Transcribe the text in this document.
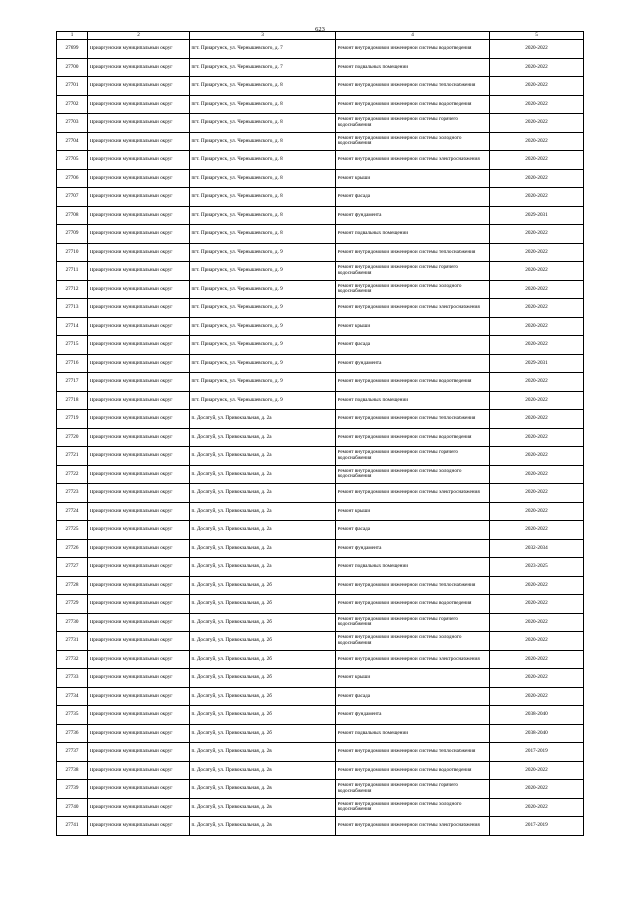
623
1	2	3	4	5
27699	Приаргунский муниципальный округ	пгт. Приаргунск, ул. Чернышевского, д. 7	Ремонт внутридомовой инженерной системы водоотведения	2020-2022
27700	Приаргунский муниципальный округ	пгт. Приаргунск, ул. Чернышевского, д. 7	Ремонт подвальных помещений	2020-2022
27701	Приаргунский муниципальный округ	пгт. Приаргунск, ул. Чернышевского, д. 8	Ремонт внутридомовой инженерной системы теплоснабжения	2020-2022
27702	Приаргунский муниципальный округ	пгт. Приаргунск, ул. Чернышевского, д. 8	Ремонт внутридомовой инженерной системы водоотведения	2020-2022
27703	Приаргунский муниципальный округ	пгт. Приаргунск, ул. Чернышевского, д. 8	Ремонт внутридомовой инженерной системы горячего водоснабжения	2020-2022
27704	Приаргунский муниципальный округ	пгт. Приаргунск, ул. Чернышевского, д. 8	Ремонт внутридомовой инженерной системы холодного водоснабжения	2020-2022
27705	Приаргунский муниципальный округ	пгт. Приаргунск, ул. Чернышевского, д. 8	Ремонт внутридомовой инженерной системы электроснабжения	2020-2022
27706	Приаргунский муниципальный округ	пгт. Приаргунск, ул. Чернышевского, д. 8	Ремонт крыши	2020-2022
27707	Приаргунский муниципальный округ	пгт. Приаргунск, ул. Чернышевского, д. 8	Ремонт фасада	2020-2022
27708	Приаргунский муниципальный округ	пгт. Приаргунск, ул. Чернышевского, д. 8	Ремонт фундамента	2029-2031
27709	Приаргунский муниципальный округ	пгт. Приаргунск, ул. Чернышевского, д. 8	Ремонт подвальных помещений	2020-2022
27710	Приаргунский муниципальный округ	пгт. Приаргунск, ул. Чернышевского, д. 9	Ремонт внутридомовой инженерной системы теплоснабжения	2020-2022
27711	Приаргунский муниципальный округ	пгт. Приаргунск, ул. Чернышевского, д. 9	Ремонт внутридомовой инженерной системы горячего водоснабжения	2020-2022
27712	Приаргунский муниципальный округ	пгт. Приаргунск, ул. Чернышевского, д. 9	Ремонт внутридомовой инженерной системы холодного водоснабжения	2020-2022
27713	Приаргунский муниципальный округ	пгт. Приаргунск, ул. Чернышевского, д. 9	Ремонт внутридомовой инженерной системы электроснабжения	2020-2022
27714	Приаргунский муниципальный округ	пгт. Приаргунск, ул. Чернышевского, д. 9	Ремонт крыши	2020-2022
27715	Приаргунский муниципальный округ	пгт. Приаргунск, ул. Чернышевского, д. 9	Ремонт фасада	2020-2022
27716	Приаргунский муниципальный округ	пгт. Приаргунск, ул. Чернышевского, д. 9	Ремонт фундамента	2029-2031
27717	Приаргунский муниципальный округ	пгт. Приаргунск, ул. Чернышевского, д. 9	Ремонт внутридомовой инженерной системы водоотведения	2020-2022
27718	Приаргунский муниципальный округ	пгт. Приаргунск, ул. Чернышевского, д. 9	Ремонт подвальных помещений	2020-2022
27719	Приаргунский муниципальный округ	п. Досатуй, ул. Привокзальная, д. 2а	Ремонт внутридомовой инженерной системы теплоснабжения	2020-2022
27720	Приаргунский муниципальный округ	п. Досатуй, ул. Привокзальная, д. 2а	Ремонт внутридомовой инженерной системы водоотведения	2020-2022
27721	Приаргунский муниципальный округ	п. Досатуй, ул. Привокзальная, д. 2а	Ремонт внутридомовой инженерной системы горячего водоснабжения	2020-2022
27722	Приаргунский муниципальный округ	п. Досатуй, ул. Привокзальная, д. 2а	Ремонт внутридомовой инженерной системы холодного водоснабжения	2020-2022
27723	Приаргунский муниципальный округ	п. Досатуй, ул. Привокзальная, д. 2а	Ремонт внутридомовой инженерной системы электроснабжения	2020-2022
27724	Приаргунский муниципальный округ	п. Досатуй, ул. Привокзальная, д. 2а	Ремонт крыши	2020-2022
27725	Приаргунский муниципальный округ	п. Досатуй, ул. Привокзальная, д. 2а	Ремонт фасада	2020-2022
27726	Приаргунский муниципальный округ	п. Досатуй, ул. Привокзальная, д. 2а	Ремонт фундамента	2032-2034
27727	Приаргунский муниципальный округ	п. Досатуй, ул. Привокзальная, д. 2а	Ремонт подвальных помещений	2023-2025
27728	Приаргунский муниципальный округ	п. Досатуй, ул. Привокзальная, д. 2б	Ремонт внутридомовой инженерной системы теплоснабжения	2020-2022
27729	Приаргунский муниципальный округ	п. Досатуй, ул. Привокзальная, д. 2б	Ремонт внутридомовой инженерной системы водоотведения	2020-2022
27730	Приаргунский муниципальный округ	п. Досатуй, ул. Привокзальная, д. 2б	Ремонт внутридомовой инженерной системы горячего водоснабжения	2020-2022
27731	Приаргунский муниципальный округ	п. Досатуй, ул. Привокзальная, д. 2б	Ремонт внутридомовой инженерной системы холодного водоснабжения	2020-2022
27732	Приаргунский муниципальный округ	п. Досатуй, ул. Привокзальная, д. 2б	Ремонт внутридомовой инженерной системы электроснабжения	2020-2022
27733	Приаргунский муниципальный округ	п. Досатуй, ул. Привокзальная, д. 2б	Ремонт крыши	2020-2022
27734	Приаргунский муниципальный округ	п. Досатуй, ул. Привокзальная, д. 2б	Ремонт фасада	2020-2022
27735	Приаргунский муниципальный округ	п. Досатуй, ул. Привокзальная, д. 2б	Ремонт фундамента	2038-2040
27736	Приаргунский муниципальный округ	п. Досатуй, ул. Привокзальная, д. 2б	Ремонт подвальных помещений	2038-2040
27737	Приаргунский муниципальный округ	п. Досатуй, ул. Привокзальная, д. 2в	Ремонт внутридомовой инженерной системы теплоснабжения	2017-2019
27738	Приаргунский муниципальный округ	п. Досатуй, ул. Привокзальная, д. 2в	Ремонт внутридомовой инженерной системы водоотведения	2020-2022
27739	Приаргунский муниципальный округ	п. Досатуй, ул. Привокзальная, д. 2в	Ремонт внутридомовой инженерной системы горячего водоснабжения	2020-2022
27740	Приаргунский муниципальный округ	п. Досатуй, ул. Привокзальная, д. 2в	Ремонт внутридомовой инженерной системы холодного водоснабжения	2020-2022
27741	Приаргунский муниципальный округ	п. Досатуй, ул. Привокзальная, д. 2в	Ремонт внутридомовой инженерной системы электроснабжения	2017-2019
